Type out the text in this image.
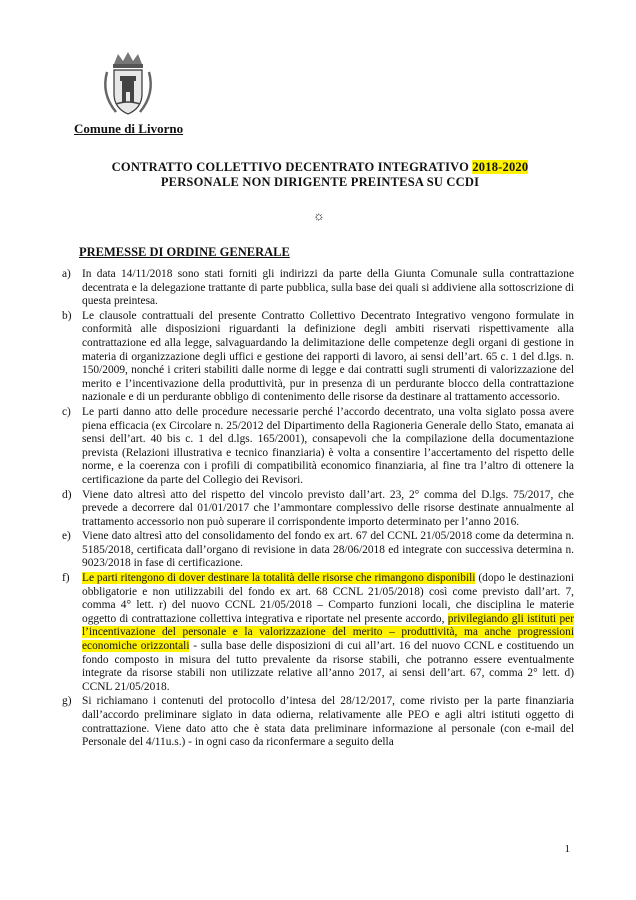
Comune di Livorno
CONTRATTO COLLETTIVO DECENTRATO INTEGRATIVO 2018-2020
PERSONALE NON DIRIGENTE PREINTESA SU CCDI
☼
PREMESSE DI ORDINE GENERALE
a) In data 14/11/2018 sono stati forniti gli indirizzi da parte della Giunta Comunale sulla contrattazione decentrata e la delegazione trattante di parte pubblica, sulla base dei quali si addiviene alla sottoscrizione di questa preintesa.
b) Le clausole contrattuali del presente Contratto Collettivo Decentrato Integrativo vengono formulate in conformità alle disposizioni riguardanti la definizione degli ambiti riservati rispettivamente alla contrattazione ed alla legge, salvaguardando la delimitazione delle competenze degli organi di gestione in materia di organizzazione degli uffici e gestione dei rapporti di lavoro, ai sensi dell’art. 65 c. 1 del d.lgs. n. 150/2009, nonché i criteri stabiliti dalle norme di legge e dai contratti sugli strumenti di valorizzazione del merito e l’incentivazione della produttività, pur in presenza di un perdurante blocco della contrattazione nazionale e di un perdurante obbligo di contenimento delle risorse da destinare al trattamento accessorio.
c) Le parti danno atto delle procedure necessarie perché l’accordo decentrato, una volta siglato possa avere piena efficacia (ex Circolare n. 25/2012 del Dipartimento della Ragioneria Generale dello Stato, emanata ai sensi dell’art. 40 bis c. 1 del d.lgs. 165/2001), consapevoli che la compilazione della documentazione prevista (Relazioni illustrativa e tecnico finanziaria) è volta a consentire l’accertamento del rispetto delle norme, e la coerenza con i profili di compatibilità economico finanziaria, al fine tra l’altro di ottenere la certificazione da parte del Collegio dei Revisori.
d) Viene dato altresì atto del rispetto del vincolo previsto dall’art. 23, 2° comma del D.lgs. 75/2017, che prevede a decorrere dal 01/01/2017 che l’ammontare complessivo delle risorse destinate annualmente al trattamento accessorio non può superare il corrispondente importo determinato per l’anno 2016.
e) Viene dato altresì atto del consolidamento del fondo ex art. 67 del CCNL 21/05/2018 come da determina n. 5185/2018, certificata dall’organo di revisione in data 28/06/2018 ed integrate con successiva determina n. 9023/2018 in fase di certificazione.
f) Le parti ritengono di dover destinare la totalità delle risorse che rimangono disponibili (dopo le destinazioni obbligatorie e non utilizzabili del fondo ex art. 68 CCNL 21/05/2018) così come previsto dall’art. 7, comma 4° lett. r) del nuovo CCNL 21/05/2018 – Comparto funzioni locali, che disciplina le materie oggetto di contrattazione collettiva integrativa e riportate nel presente accordo, privilegiando gli istituti per l’incentivazione del personale e la valorizzazione del merito – produttività, ma anche progressioni economiche orizzontali - sulla base delle disposizioni di cui all’art. 16 del nuovo CCNL e costituendo un fondo composto in misura del tutto prevalente da risorse stabili, che potranno essere eventualmente integrate da risorse stabili non utilizzate relative all’anno 2017, ai sensi dell’art. 67, comma 2° lett. d) CCNL 21/05/2018.
g) Si richiamano i contenuti del protocollo d’intesa del 28/12/2017, come rivisto per la parte finanziaria dall’accordo preliminare siglato in data odierna, relativamente alle PEO e agli altri istituti oggetto di contrattazione. Viene dato atto che è stata data preliminare informazione al personale (con e-mail del Personale del 4/11u.s.) - in ogni caso da riconfermare a seguito della
1
